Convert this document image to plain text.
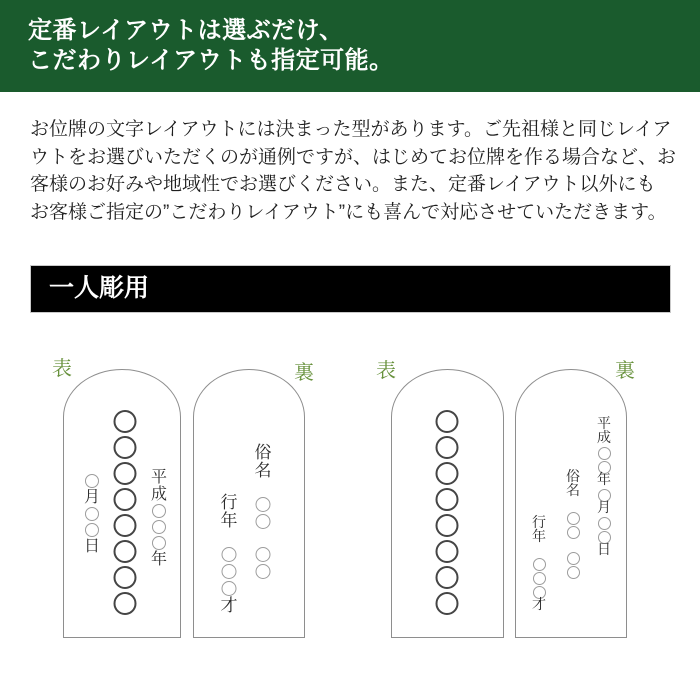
定番レイアウトは選ぶだけ、
こだわりレイアウトも指定可能。
お位牌の文字レイアウトには決まった型があります。ご先祖様と同じレイア
ウトをお選びいただくのが通例ですが、はじめてお位牌を作る場合など、お
客様のお好みや地域性でお選びください。また、定番レイアウト以外にも
お客様ご指定の”こだわりレイアウト”にも喜んで対応させていただきます。
一人彫用
表	裏	表	裏
平
成
年
月
日
俗
名
行
年
才
平
成
年
月
日
俗
名
行
年
才
